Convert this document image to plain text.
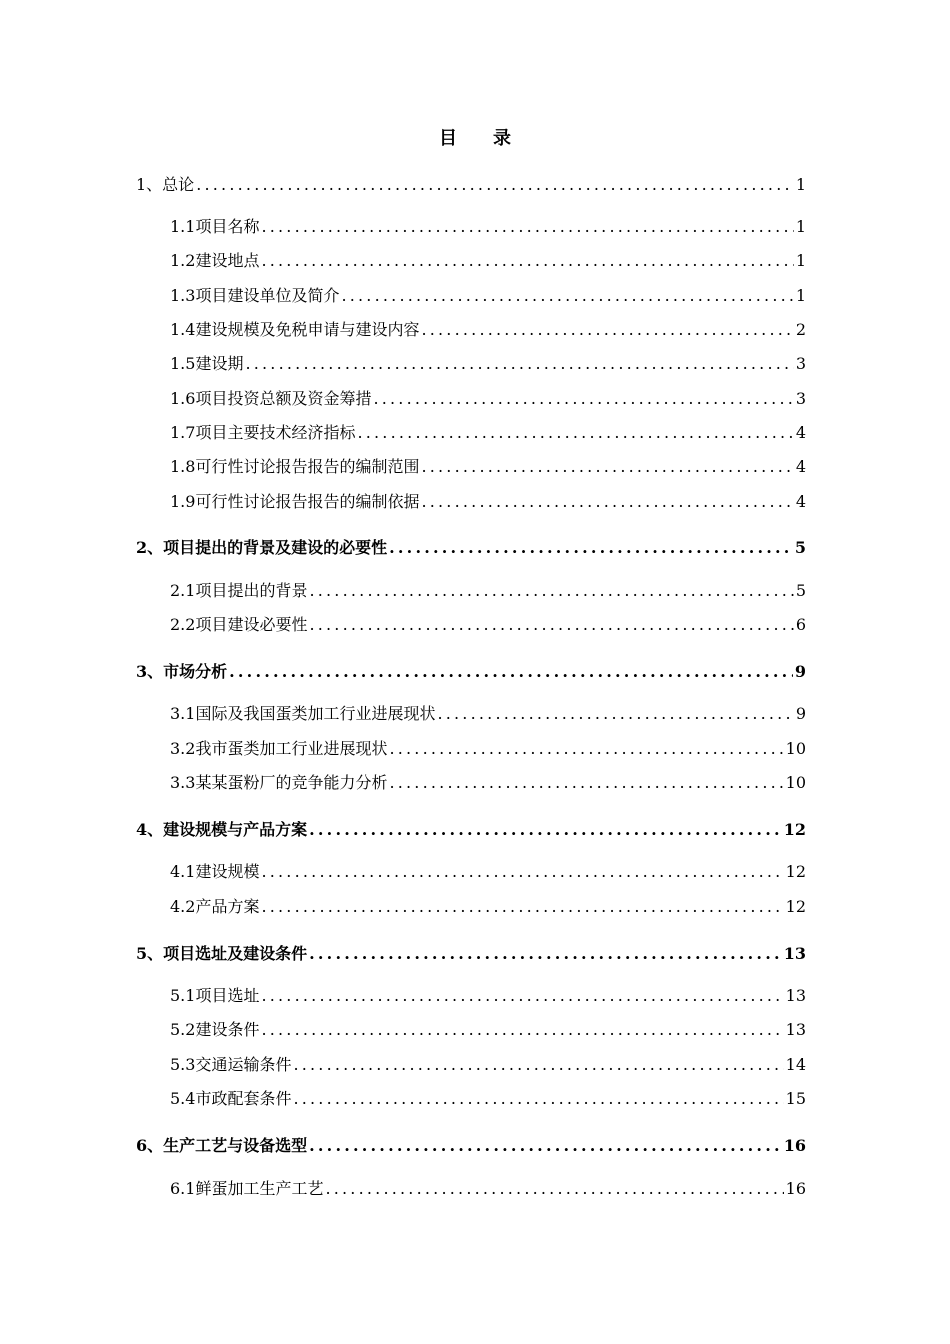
目 录
1、总论 .....	1
1.1项目名称 .....	1
1.2建设地点 .....	1
1.3项目建设单位及简介 .....	1
1.4建设规模及免税申请与建设内容 .....	2
1.5建设期 .....	3
1.6项目投资总额及资金筹措 .....	3
1.7项目主要技术经济指标 .....	4
1.8可行性讨论报告报告的编制范围 .....	4
1.9可行性讨论报告报告的编制依据 .....	4
2、项目提出的背景及建设的必要性 .....	5
2.1项目提出的背景 .....	5
2.2项目建设必要性 .....	6
3、市场分析 .....	9
3.1国际及我国蛋类加工行业进展现状 .....	9
3.2我市蛋类加工行业进展现状 .....	10
3.3某某蛋粉厂的竞争能力分析 .....	10
4、建设规模与产品方案 .....	12
4.1建设规模 .....	12
4.2产品方案 .....	12
5、项目选址及建设条件 .....	13
5.1项目选址 .....	13
5.2建设条件 .....	13
5.3交通运输条件 .....	14
5.4市政配套条件 .....	15
6、生产工艺与设备选型 .....	16
6.1鲜蛋加工生产工艺 .....	16
